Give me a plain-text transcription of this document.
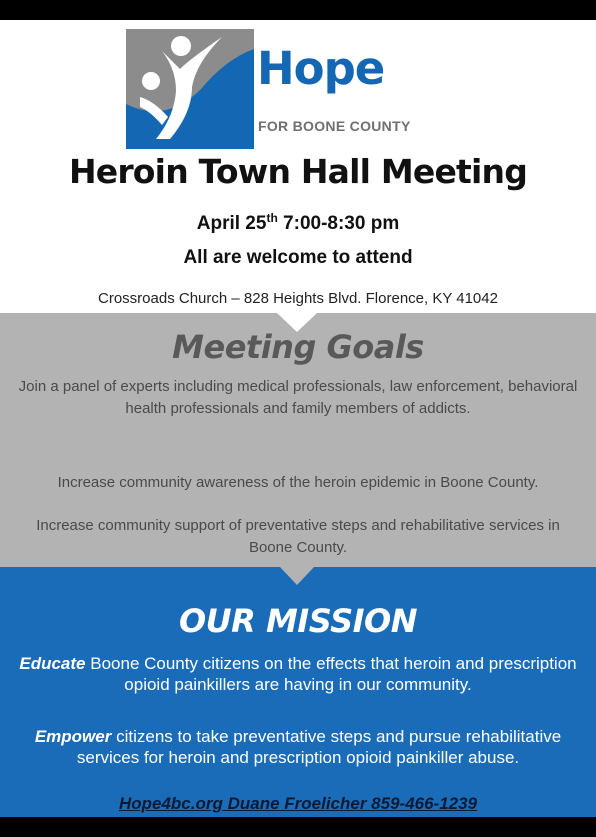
Hope
FOR BOONE COUNTY
Heroin Town Hall Meeting
April 25th 7:00-8:30 pm
All are welcome to attend
Crossroads Church – 828 Heights Blvd. Florence, KY 41042
Meeting Goals
Join a panel of experts including medical professionals, law enforcement, behavioral health professionals and family members of addicts.
Increase community awareness of the heroin epidemic in Boone County.
Increase community support of preventative steps and rehabilitative services in Boone County.
OUR MISSION
Educate Boone County citizens on the effects that heroin and prescription opioid painkillers are having in our community.
Empower citizens to take preventative steps and pursue rehabilitative services for heroin and prescription opioid painkiller abuse.
Hope4bc.org Duane Froelicher 859-466-1239
